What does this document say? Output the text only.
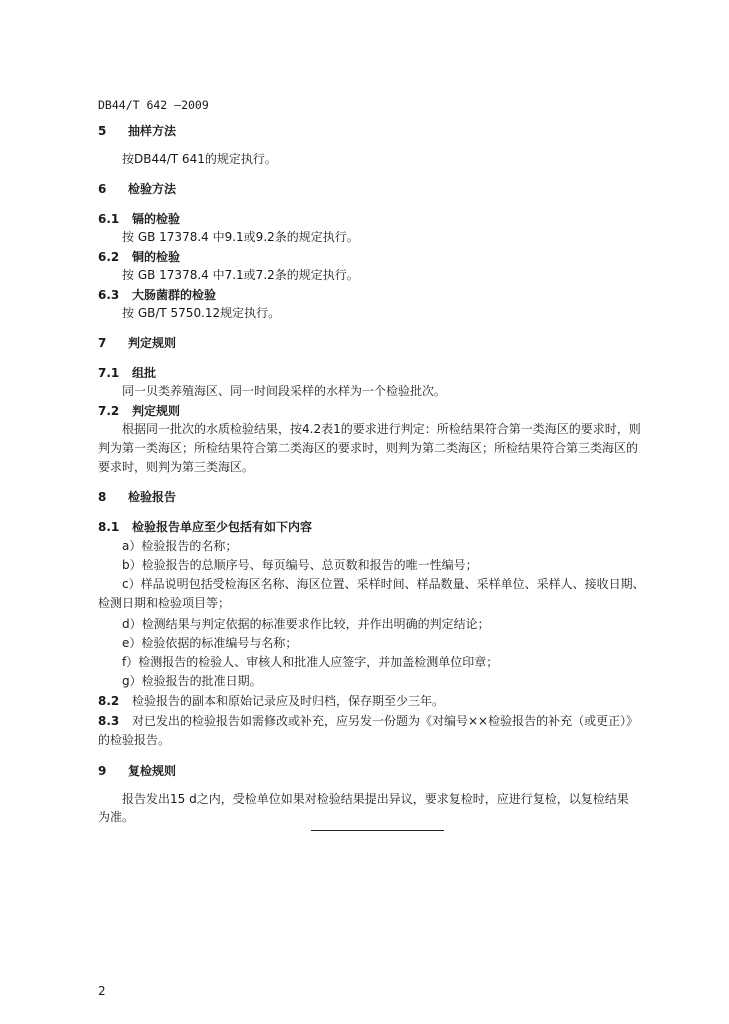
DB44/T 642 —2009
5 抽样方法
按DB44/T 641的规定执行。
6 检验方法
6.1 镉的检验
按 GB 17378.4 中9.1或9.2条的规定执行。
6.2 铜的检验
按 GB 17378.4 中7.1或7.2条的规定执行。
6.3 大肠菌群的检验
按 GB/T 5750.12规定执行。
7 判定规则
7.1 组批
同一贝类养殖海区、同一时间段采样的水样为一个检验批次。
7.2 判定规则
根据同一批次的水质检验结果，按4.2表1的要求进行判定：所检结果符合第一类海区的要求时，则
判为第一类海区；所检结果符合第二类海区的要求时，则判为第二类海区；所检结果符合第三类海区的
要求时，则判为第三类海区。
8 检验报告
8.1 检验报告单应至少包括有如下内容
a）检验报告的名称；
b）检验报告的总顺序号、每页编号、总页数和报告的唯一性编号；
c）样品说明包括受检海区名称、海区位置、采样时间、样品数量、采样单位、采样人、接收日期、
检测日期和检验项目等；
d）检测结果与判定依据的标准要求作比较，并作出明确的判定结论；
e）检验依据的标准编号与名称；
f）检测报告的检验人、审核人和批准人应签字，并加盖检测单位印章；
g）检验报告的批准日期。
8.2 检验报告的副本和原始记录应及时归档，保存期至少三年。
8.3 对已发出的检验报告如需修改或补充，应另发一份题为《对编号××检验报告的补充（或更正）》
的检验报告。
9 复检规则
报告发出15 d之内，受检单位如果对检验结果提出异议，要求复检时，应进行复检，以复检结果
为准。
2
